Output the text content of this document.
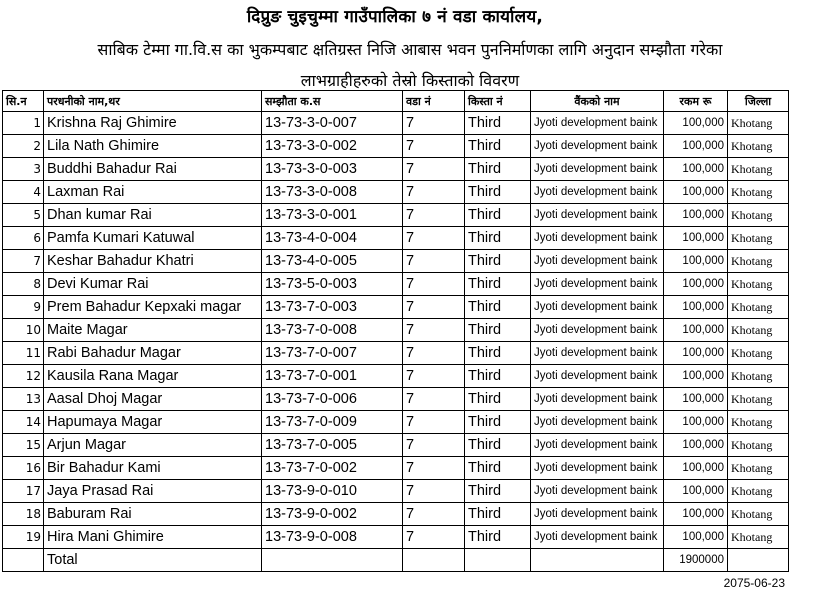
दिप्रुङ चुइचुम्मा गाउँपालिका ७ नं वडा कार्यालय,
साबिक टेम्मा गा.वि.स का भुकम्पबाट क्षतिग्रस्त निजि आबास भवन पुननिर्माणका लागि अनुदान सम्झौता गरेका
लाभग्राहीहरुको तेस्रो किस्ताको विवरण
सि.न	परधनीको नाम,थर	सम्झौता क.स	वडा नं	किस्ता नं	वैंकको नाम	रकम रू	जिल्ला
1	Krishna Raj Ghimire	13-73-3-0-007	7	Third	Jyoti development baink	100,000	Khotang
2	Lila Nath Ghimire	13-73-3-0-002	7	Third	Jyoti development baink	100,000	Khotang
3	Buddhi Bahadur Rai	13-73-3-0-003	7	Third	Jyoti development baink	100,000	Khotang
4	Laxman Rai	13-73-3-0-008	7	Third	Jyoti development baink	100,000	Khotang
5	Dhan kumar Rai	13-73-3-0-001	7	Third	Jyoti development baink	100,000	Khotang
6	Pamfa Kumari Katuwal	13-73-4-0-004	7	Third	Jyoti development baink	100,000	Khotang
7	Keshar Bahadur Khatri	13-73-4-0-005	7	Third	Jyoti development baink	100,000	Khotang
8	Devi Kumar Rai	13-73-5-0-003	7	Third	Jyoti development baink	100,000	Khotang
9	Prem Bahadur Kepxaki magar	13-73-7-0-003	7	Third	Jyoti development baink	100,000	Khotang
10	Maite Magar	13-73-7-0-008	7	Third	Jyoti development baink	100,000	Khotang
11	Rabi Bahadur Magar	13-73-7-0-007	7	Third	Jyoti development baink	100,000	Khotang
12	Kausila Rana Magar	13-73-7-0-001	7	Third	Jyoti development baink	100,000	Khotang
13	Aasal Dhoj Magar	13-73-7-0-006	7	Third	Jyoti development baink	100,000	Khotang
14	Hapumaya Magar	13-73-7-0-009	7	Third	Jyoti development baink	100,000	Khotang
15	Arjun Magar	13-73-7-0-005	7	Third	Jyoti development baink	100,000	Khotang
16	Bir Bahadur Kami	13-73-7-0-002	7	Third	Jyoti development baink	100,000	Khotang
17	Jaya Prasad Rai	13-73-9-0-010	7	Third	Jyoti development baink	100,000	Khotang
18	Baburam Rai	13-73-9-0-002	7	Third	Jyoti development baink	100,000	Khotang
19	Hira Mani Ghimire	13-73-9-0-008	7	Third	Jyoti development baink	100,000	Khotang
	Total					1900000	
2075-06-23
